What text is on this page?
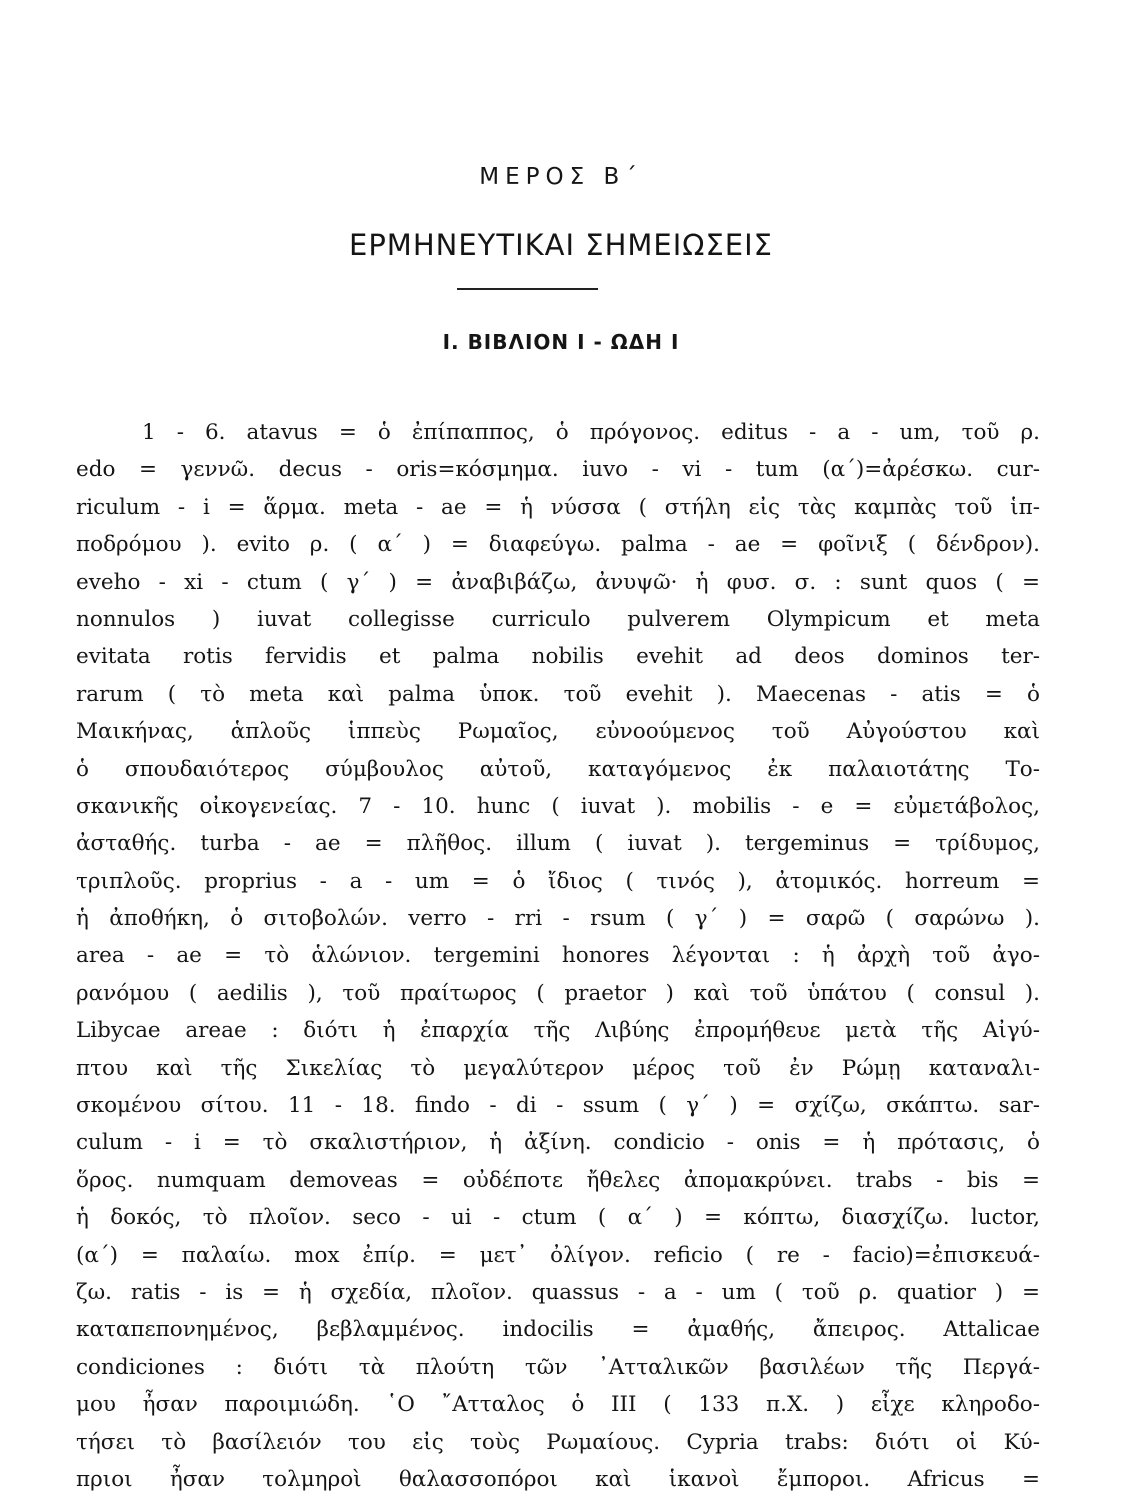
ΜΕΡΟΣ Β΄
ΕΡΜΗΝΕΥΤΙΚΑΙ ΣΗΜΕΙΩΣΕΙΣ
Ι. ΒΙΒΛΙΟΝ Ι - ΩΔΗ Ι
1 - 6. atavus = ὁ ἐπίπαππος, ὁ πρόγονος. editus - a - um, τοῦ ρ.
edo = γεννῶ. decus - oris=κόσμημα. iuvo - vi - tum (α΄)=ἀρέσκω. cur-
riculum - i = ἅρμα. meta - ae = ἡ νύσσα ( στήλη εἰς τὰς καμπὰς τοῦ ἱπ-
ποδρόμου ). evito ρ. ( α΄ ) = διαφεύγω. palma - ae = φοῖνιξ ( δένδρον).
eveho - xi - ctum ( γ΄ ) = ἀναβιβάζω, ἀνυψῶ· ἡ φυσ. σ. : sunt quos ( =
nonnulos ) iuvat collegisse curriculo pulverem Olympicum et meta
evitata rotis fervidis et palma nobilis evehit ad deos dominos ter-
rarum ( τὸ meta καὶ palma ὑποκ. τοῦ evehit ). Maecenas - atis = ὁ
Μαικήνας, ἁπλοῦς ἱππεὺς Ρωμαῖος, εὐνοούμενος τοῦ Αὐγούστου καὶ
ὁ σπουδαιότερος σύμβουλος αὐτοῦ, καταγόμενος ἐκ παλαιοτάτης Το-
σκανικῆς οἰκογενείας. 7 - 10. hunc ( iuvat ). mobilis - e = εὐμετάβολος,
ἀσταθής. turba - ae = πλῆθος. illum ( iuvat ). tergeminus = τρίδυμος,
τριπλοῦς. proprius - a - um = ὁ ἴδιος ( τινός ), ἀτομικός. horreum =
ἡ ἀποθήκη, ὁ σιτοβολών. verro - rri - rsum ( γ΄ ) = σαρῶ ( σαρώνω ).
area - ae = τὸ ἁλώνιον. tergemini honores λέγονται : ἡ ἀρχὴ τοῦ ἀγο-
ρανόμου ( aedilis ), τοῦ πραίτωρος ( praetor ) καὶ τοῦ ὑπάτου ( consul ).
Libycae areae : διότι ἡ ἐπαρχία τῆς Λιβύης ἐπρομήθευε μετὰ τῆς Αἰγύ-
πτου καὶ τῆς Σικελίας τὸ μεγαλύτερον μέρος τοῦ ἐν Ρώμῃ καταναλι-
σκομένου σίτου. 11 - 18. findo - di - ssum ( γ΄ ) = σχίζω, σκάπτω. sar-
culum - i = τὸ σκαλιστήριον, ἡ ἀξίνη. condicio - onis = ἡ πρότασις, ὁ
ὅρος. numquam demoveas = οὐδέποτε ἤθελες ἀπομακρύνει. trabs - bis =
ἡ δοκός, τὸ πλοῖον. seco - ui - ctum ( α΄ ) = κόπτω, διασχίζω. luctor,
(α΄) = παλαίω. mox ἐπίρ. = μετ᾽ ὀλίγον. reficio ( re - facio)=ἐπισκευά-
ζω. ratis - is = ἡ σχεδία, πλοῖον. quassus - a - um ( τοῦ ρ. quatior ) =
καταπεπονημένος, βεβλαμμένος. indocilis = ἀμαθής, ἄπειρος. Attalicae
condiciones : διότι τὰ πλούτη τῶν ᾽Ατταλικῶν βασιλέων τῆς Περγά-
μου ἦσαν παροιμιώδη. ῾Ο ῎Ατταλος ὁ ΙΙΙ ( 133 π.Χ. ) εἶχε κληροδο-
τήσει τὸ βασίλειόν του εἰς τοὺς Ρωμαίους. Cypria trabs: διότι οἱ Κύ-
πριοι ἦσαν τολμηροὶ θαλασσοπόροι καὶ ἱκανοὶ ἔμποροι. Africus =
